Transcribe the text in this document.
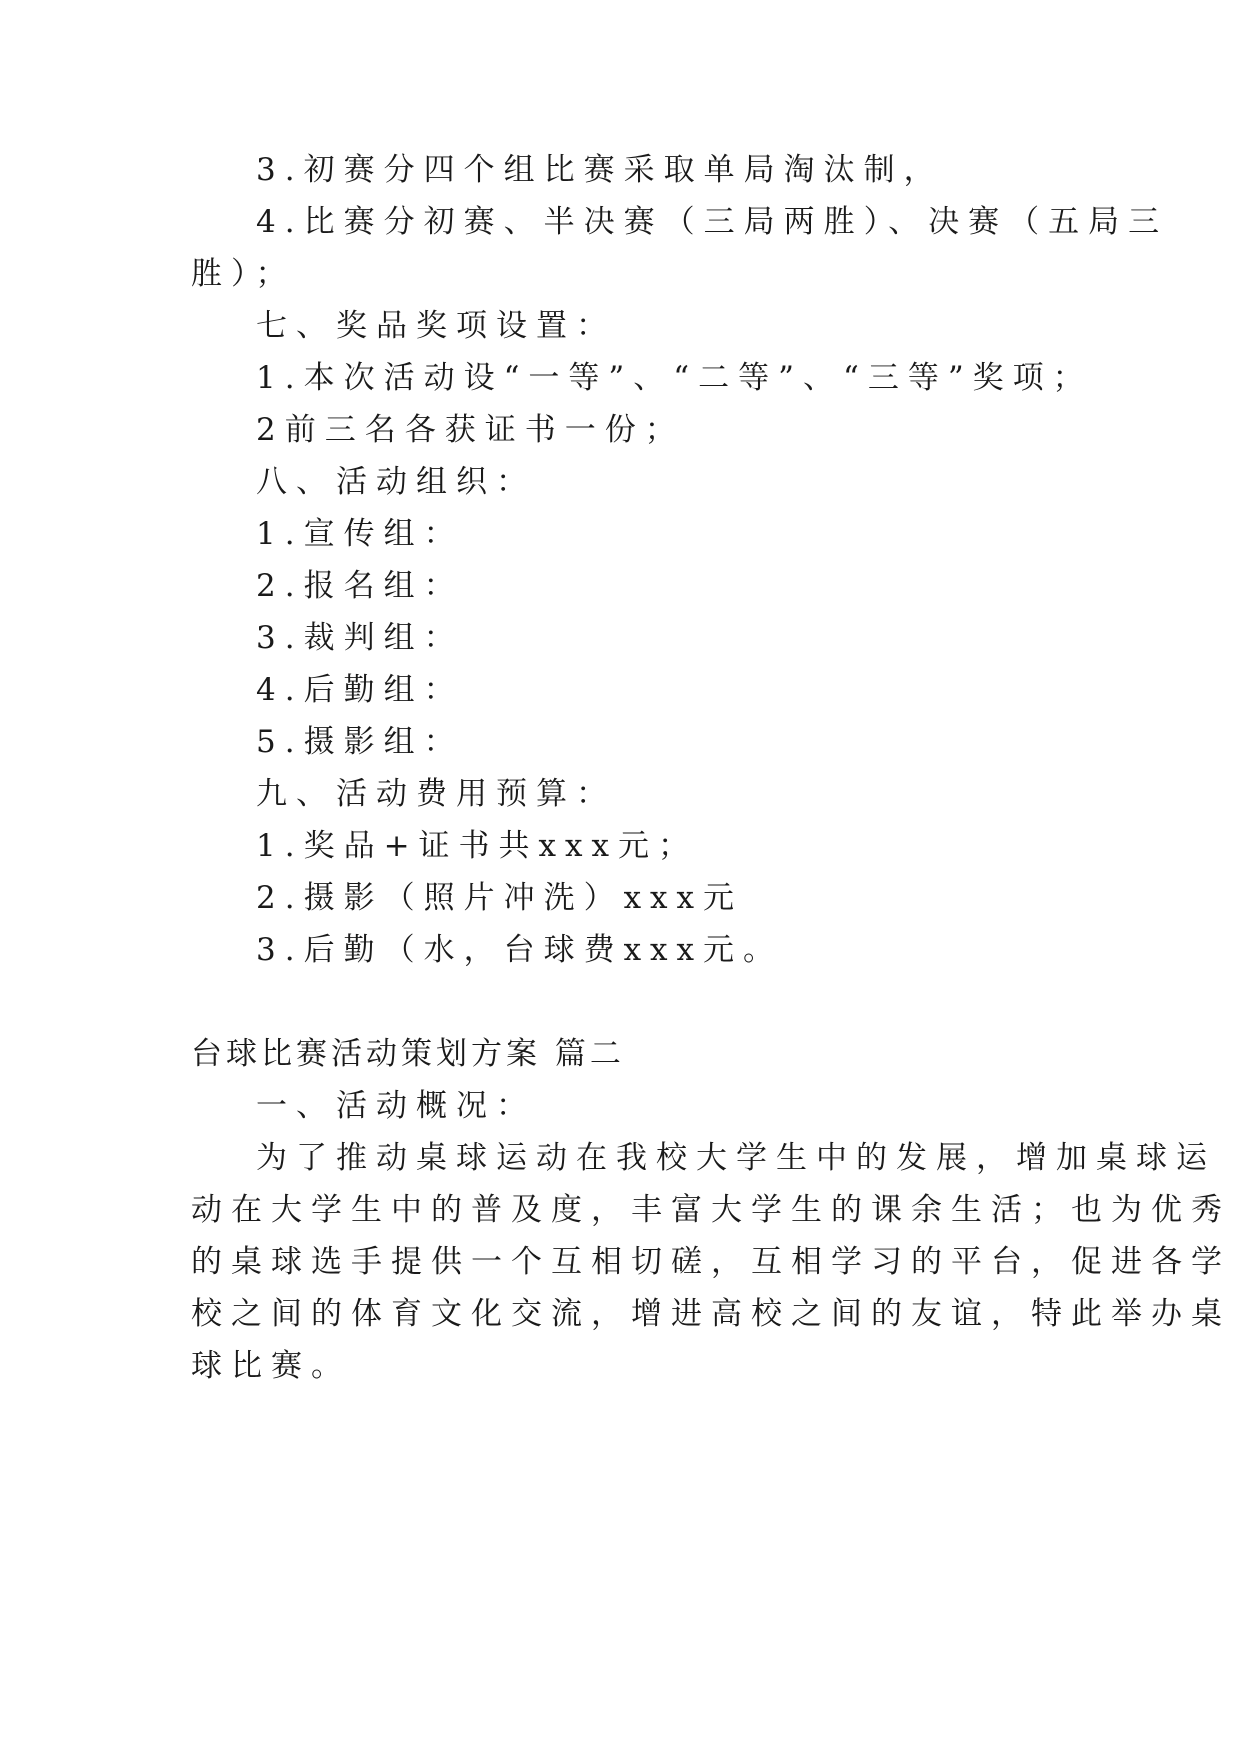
3.初赛分四个组比赛采取单局淘汰制，
4.比赛分初赛、半决赛（三局两胜）、决赛（五局三
胜）；
七、奖品奖项设置：
1.本次活动设“一等”、“二等”、“三等”奖项；
2前三名各获证书一份；
八、活动组织：
1.宣传组：
2.报名组：
3.裁判组：
4.后勤组：
5.摄影组：
九、活动费用预算：
1.奖品+证书共xxx元；
2.摄影（照片冲洗）xxx元
3.后勤（水，台球费xxx元。
台球比赛活动策划方案 篇二
一、活动概况：
为了推动桌球运动在我校大学生中的发展，增加桌球运
动在大学生中的普及度，丰富大学生的课余生活；也为优秀
的桌球选手提供一个互相切磋，互相学习的平台，促进各学
校之间的体育文化交流，增进高校之间的友谊，特此举办桌
球比赛。
